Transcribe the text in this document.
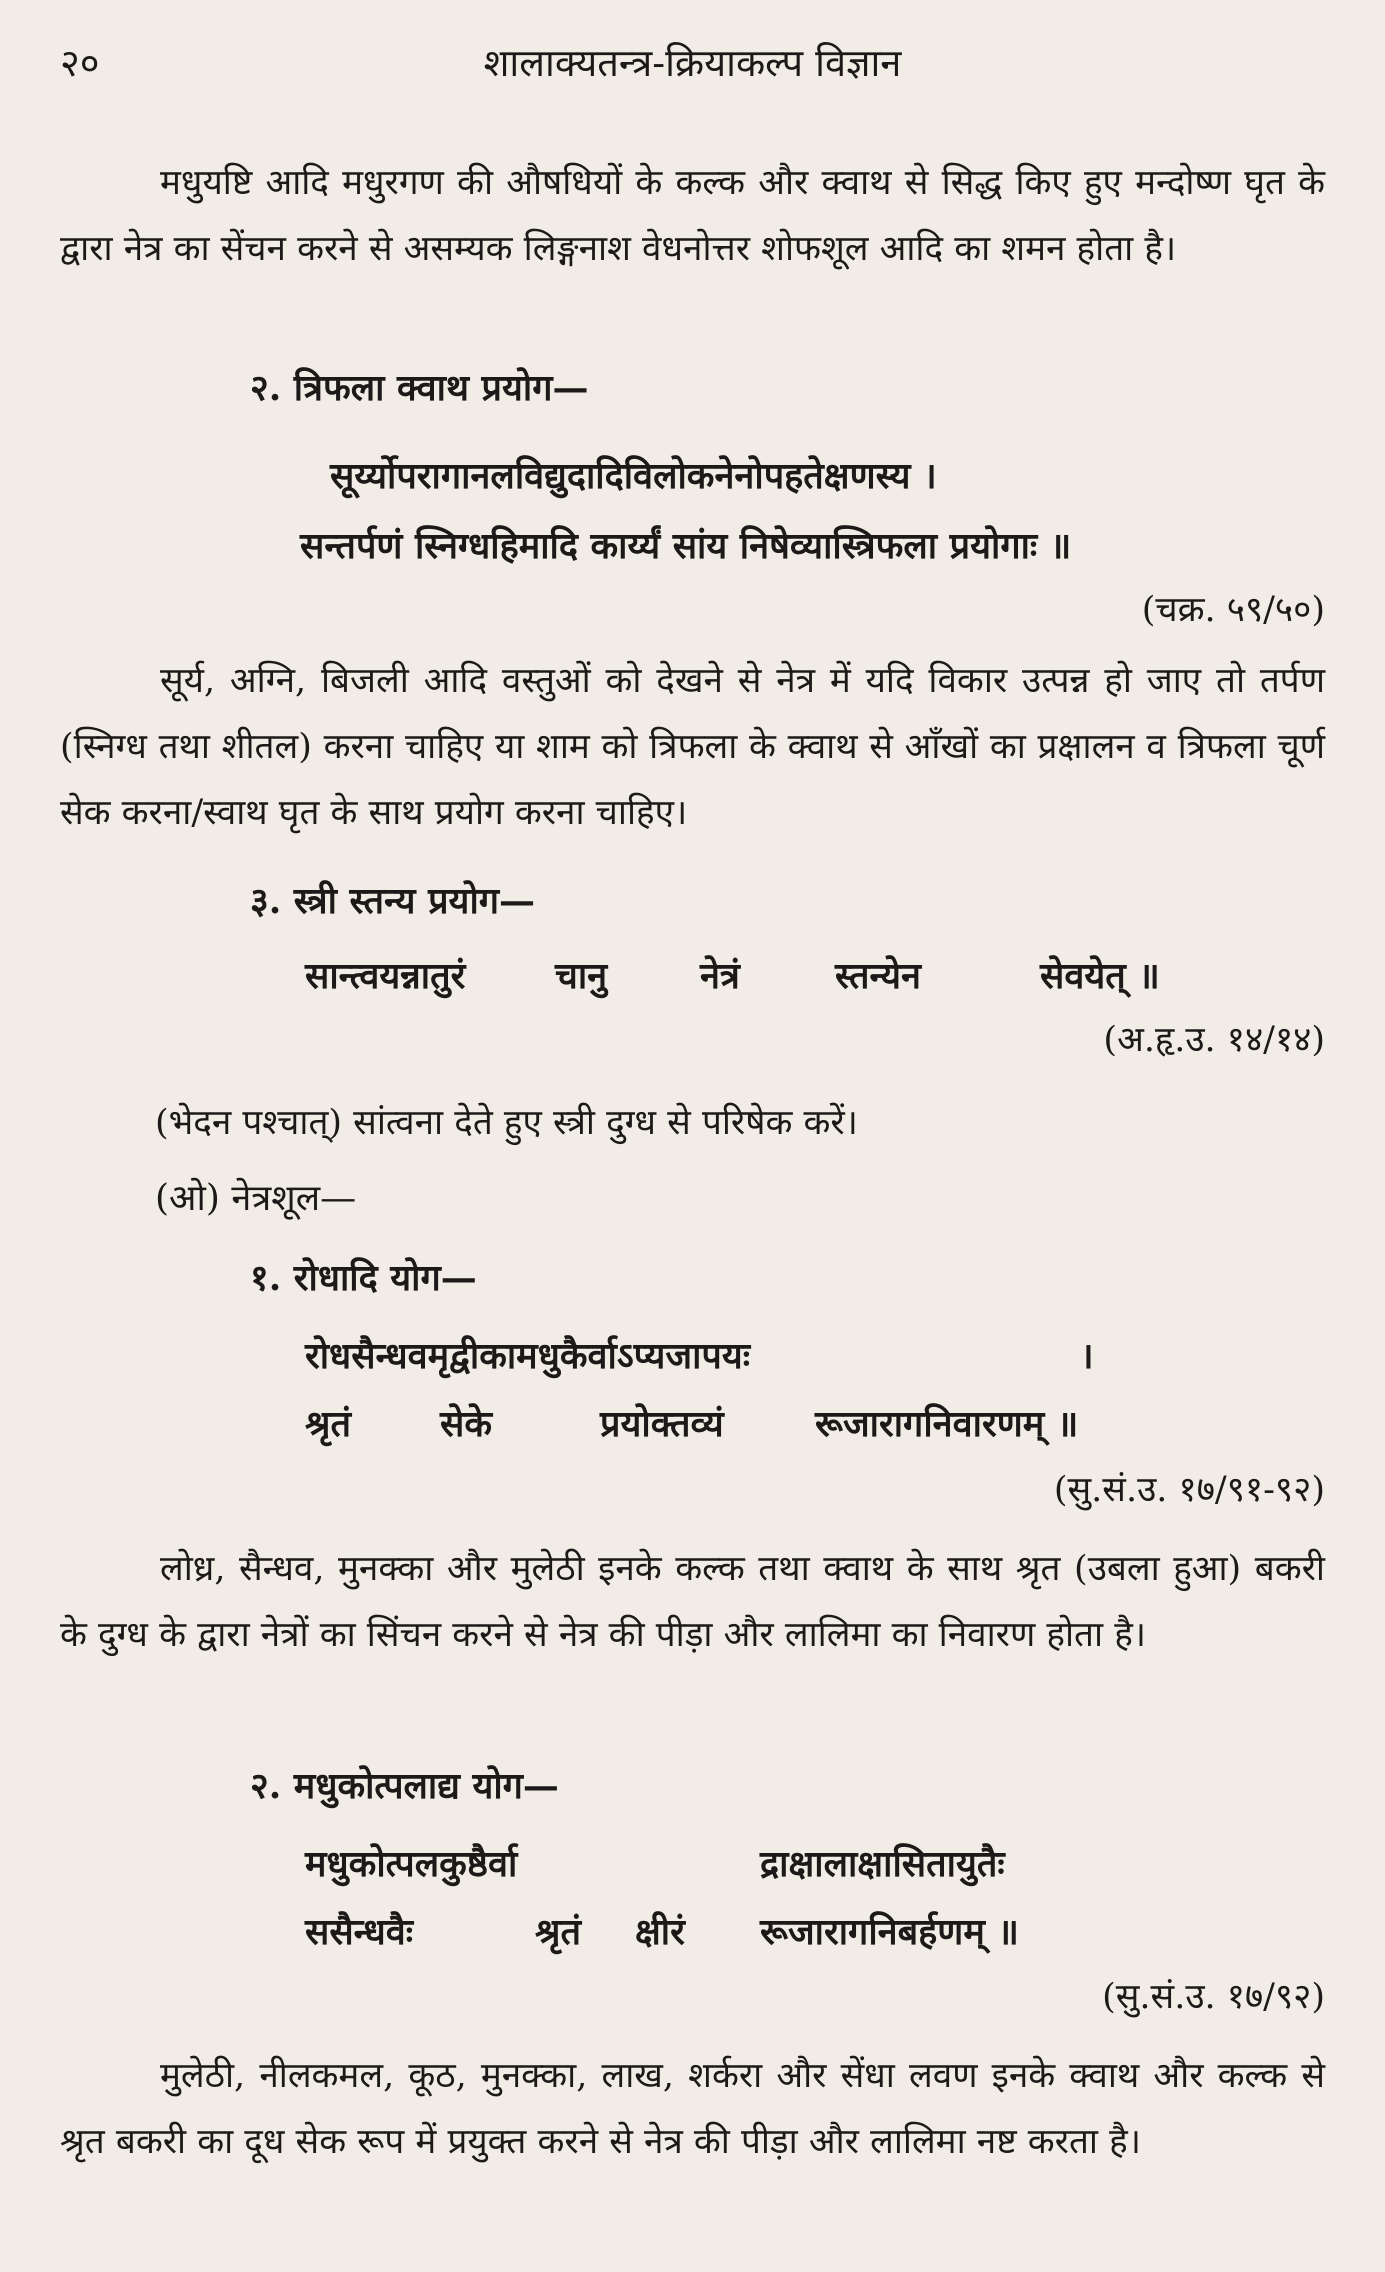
२०	शालाक्यतन्त्र-क्रियाकल्प विज्ञान

मधुयष्टि आदि मधुरगण की औषधियों के कल्क और क्वाथ से सिद्ध किए हुए मन्दोष्ण घृत के द्वारा नेत्र का सेंचन करने से असम्यक लिङ्गनाश वेधनोत्तर शोफशूल आदि का शमन होता है।

२. त्रिफला क्वाथ प्रयोग—

सूर्य्योपरागानलविद्युदादिविलोकनेनोपहतेक्षणस्य ।
सन्तर्पणं स्निग्धहिमादि कार्य्यं सांय निषेव्यास्त्रिफला प्रयोगाः ॥
(चक्र. ५९/५०)

सूर्य, अग्नि, बिजली आदि वस्तुओं को देखने से नेत्र में यदि विकार उत्पन्न हो जाए तो तर्पण (स्निग्ध तथा शीतल) करना चाहिए या शाम को त्रिफला के क्वाथ से आँखों का प्रक्षालन व त्रिफला चूर्ण सेक करना/स्वाथ घृत के साथ प्रयोग करना चाहिए।

३. स्त्री स्तन्य प्रयोग—

सान्त्वयन्नातुरं चानु	नेत्रं	स्तन्येन	सेवयेत् ॥
(अ.हृ.उ. १४/१४)

(भेदन पश्चात्) सांत्वना देते हुए स्त्री दुग्ध से परिषेक करें।

(ओ) नेत्रशूल—

१. रोधादि योग—

रोधसैन्धवमृद्वीकामधुकैर्वाऽप्यजापयः	।
श्रृतं सेके	प्रयोक्तव्यं	रूजारागनिवारणम् ॥
(सु.सं.उ. १७/९१-९२)

लोध्र, सैन्धव, मुनक्का और मुलेठी इनके कल्क तथा क्वाथ के साथ श्रृत (उबला हुआ) बकरी के दुग्ध के द्वारा नेत्रों का सिंचन करने से नेत्र की पीड़ा और लालिमा का निवारण होता है।

२. मधुकोत्पलाद्य योग—

मधुकोत्पलकुष्ठैर्वा	द्राक्षालाक्षासितायुतैः
ससैन्धवैः	श्रृतं क्षीरं रूजारागनिबर्हणम् ॥
(सु.सं.उ. १७/९२)

मुलेठी, नीलकमल, कूठ, मुनक्का, लाख, शर्करा और सेंधा लवण इनके क्वाथ और कल्क से श्रृत बकरी का दूध सेक रूप में प्रयुक्त करने से नेत्र की पीड़ा और लालिमा नष्ट करता है।
